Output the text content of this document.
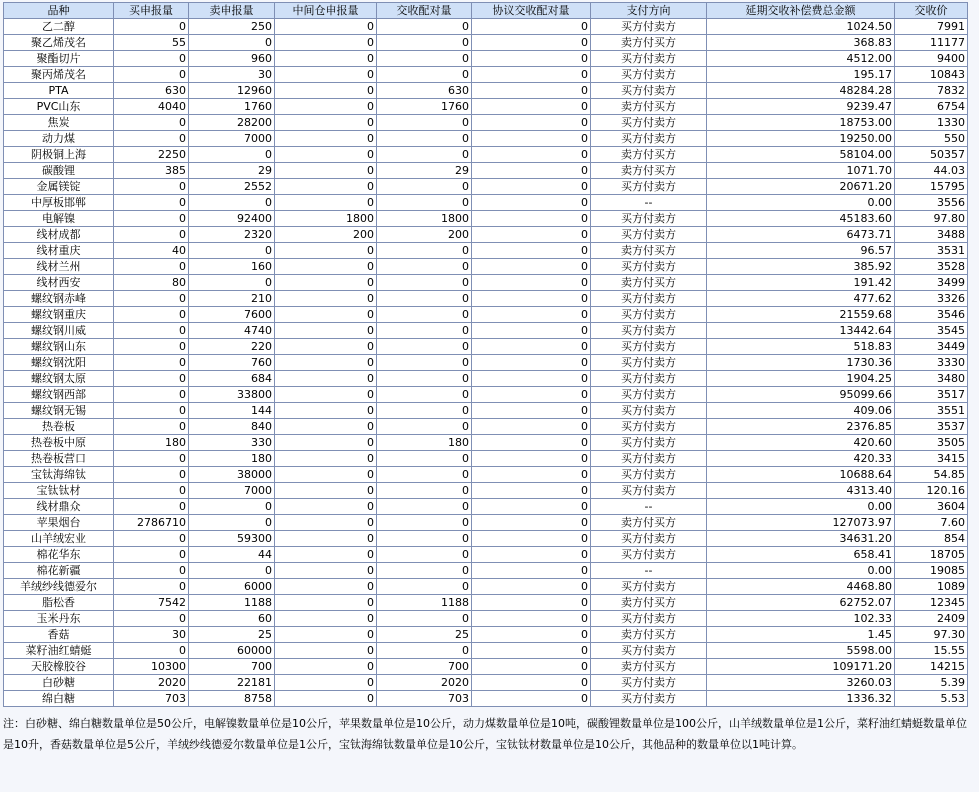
品种	买申报量	卖申报量	中间仓申报量	交收配对量	协议交收配对量	支付方向	延期交收补偿费总金额	交收价
乙二醇	0	250	0	0	0	买方付卖方	1024.50	7991
聚乙烯茂名	55	0	0	0	0	卖方付买方	368.83	11177
聚酯切片	0	960	0	0	0	买方付卖方	4512.00	9400
聚丙烯茂名	0	30	0	0	0	买方付卖方	195.17	10843
PTA	630	12960	0	630	0	买方付卖方	48284.28	7832
PVC山东	4040	1760	0	1760	0	卖方付买方	9239.47	6754
焦炭	0	28200	0	0	0	买方付卖方	18753.00	1330
动力煤	0	7000	0	0	0	买方付卖方	19250.00	550
阴极铜上海	2250	0	0	0	0	卖方付买方	58104.00	50357
碳酸锂	385	29	0	29	0	卖方付买方	1071.70	44.03
金属镁锭	0	2552	0	0	0	买方付卖方	20671.20	15795
中厚板邯郸	0	0	0	0	0	--	0.00	3556
电解镍	0	92400	1800	1800	0	买方付卖方	45183.60	97.80
线材成都	0	2320	200	200	0	买方付卖方	6473.71	3488
线材重庆	40	0	0	0	0	卖方付买方	96.57	3531
线材兰州	0	160	0	0	0	买方付卖方	385.92	3528
线材西安	80	0	0	0	0	卖方付买方	191.42	3499
螺纹钢赤峰	0	210	0	0	0	买方付卖方	477.62	3326
螺纹钢重庆	0	7600	0	0	0	买方付卖方	21559.68	3546
螺纹钢川威	0	4740	0	0	0	买方付卖方	13442.64	3545
螺纹钢山东	0	220	0	0	0	买方付卖方	518.83	3449
螺纹钢沈阳	0	760	0	0	0	买方付卖方	1730.36	3330
螺纹钢太原	0	684	0	0	0	买方付卖方	1904.25	3480
螺纹钢西部	0	33800	0	0	0	买方付卖方	95099.66	3517
螺纹钢无锡	0	144	0	0	0	买方付卖方	409.06	3551
热卷板	0	840	0	0	0	买方付卖方	2376.85	3537
热卷板中原	180	330	0	180	0	买方付卖方	420.60	3505
热卷板营口	0	180	0	0	0	买方付卖方	420.33	3415
宝钛海绵钛	0	38000	0	0	0	买方付卖方	10688.64	54.85
宝钛钛材	0	7000	0	0	0	买方付卖方	4313.40	120.16
线材鼎众	0	0	0	0	0	--	0.00	3604
苹果烟台	2786710	0	0	0	0	卖方付买方	127073.97	7.60
山羊绒宏业	0	59300	0	0	0	买方付卖方	34631.20	854
棉花华东	0	44	0	0	0	买方付卖方	658.41	18705
棉花新疆	0	0	0	0	0	--	0.00	19085
羊绒纱线德爱尔	0	6000	0	0	0	买方付卖方	4468.80	1089
脂松香	7542	1188	0	1188	0	卖方付买方	62752.07	12345
玉米丹东	0	60	0	0	0	买方付卖方	102.33	2409
香菇	30	25	0	25	0	卖方付买方	1.45	97.30
菜籽油红蜻蜓	0	60000	0	0	0	买方付卖方	5598.00	15.55
天胶橡胶谷	10300	700	0	700	0	卖方付买方	109171.20	14215
白砂糖	2020	22181	0	2020	0	买方付卖方	3260.03	5.39
绵白糖	703	8758	0	703	0	买方付卖方	1336.32	5.53
注：白砂糖、绵白糖数量单位是50公斤，电解镍数量单位是10公斤，苹果数量单位是10公斤，动力煤数量单位是10吨，碳酸锂数量单位是100公斤，山羊绒数量单位是1公斤，菜籽油红蜻蜓数量单位是10升，香菇数量单位是5公斤，羊绒纱线德爱尔数量单位是1公斤，宝钛海绵钛数量单位是10公斤，宝钛钛材数量单位是10公斤，其他品种的数量单位以1吨计算。
